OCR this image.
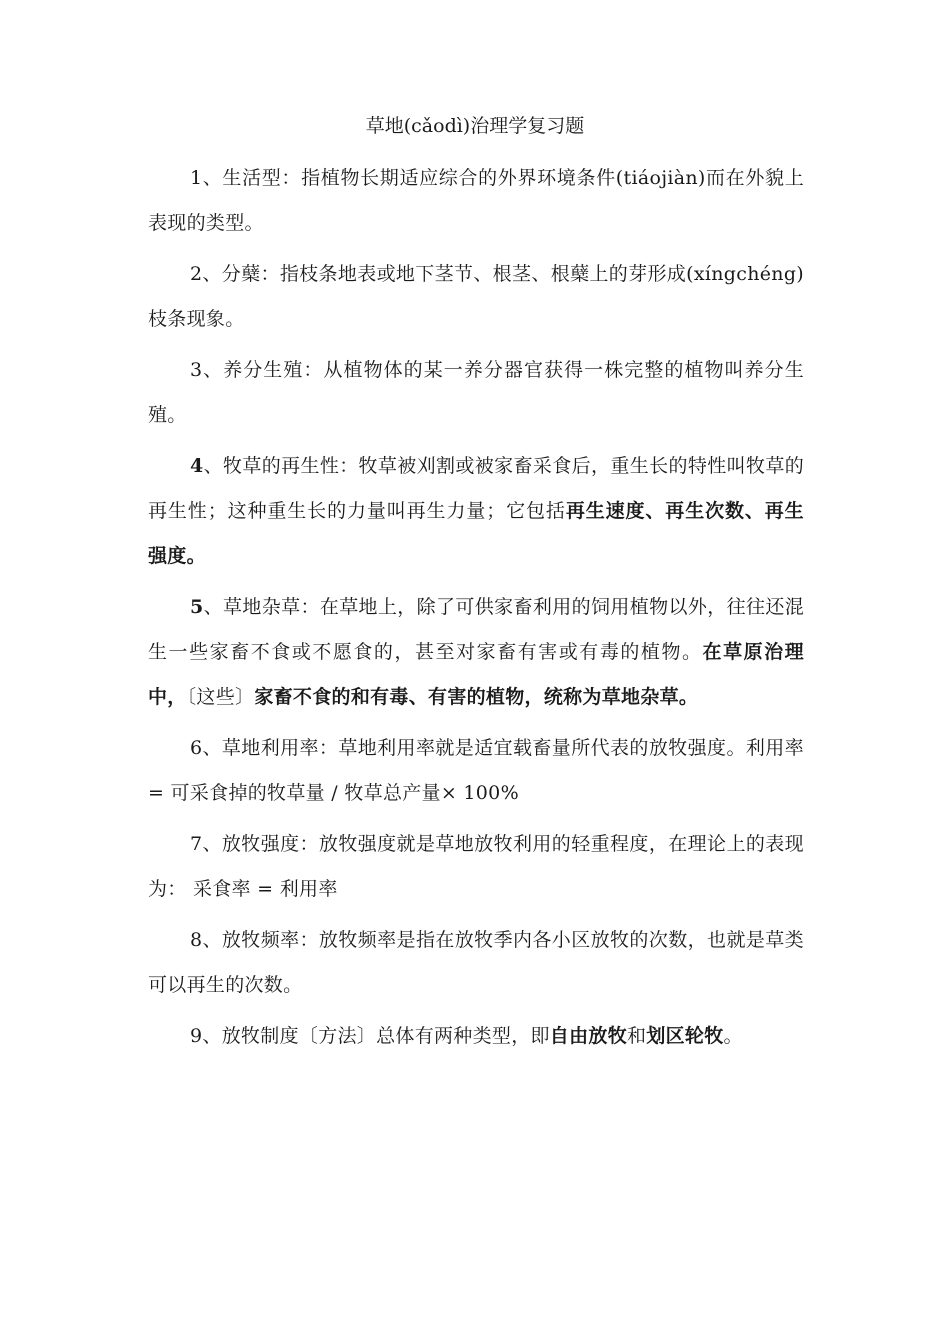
草地(cǎodì)治理学复习题

1、生活型：指植物长期适应综合的外界环境条件(tiáojiàn)而在外貌上表现的类型。

2、分蘖：指枝条地表或地下茎节、根茎、根蘖上的芽形成(xíngchéng)枝条现象。

3、养分生殖：从植物体的某一养分器官获得一株完整的植物叫养分生殖。

4、牧草的再生性：牧草被刈割或被家畜采食后，重生长的特性叫牧草的再生性；这种重生长的力量叫再生力量；它包括再生速度、再生次数、再生强度。

5、草地杂草：在草地上，除了可供家畜利用的饲用植物以外，往往还混生一些家畜不食或不愿食的，甚至对家畜有害或有毒的植物。在草原治理中，〔这些〕家畜不食的和有毒、有害的植物，统称为草地杂草。

6、草地利用率：草地利用率就是适宜载畜量所代表的放牧强度。利用率 = 可采食掉的牧草量 / 牧草总产量× 100%

7、放牧强度：放牧强度就是草地放牧利用的轻重程度，在理论上的表现为： 采食率 = 利用率

8、放牧频率：放牧频率是指在放牧季内各小区放牧的次数，也就是草类可以再生的次数。

9、放牧制度〔方法〕总体有两种类型，即自由放牧和划区轮牧。
